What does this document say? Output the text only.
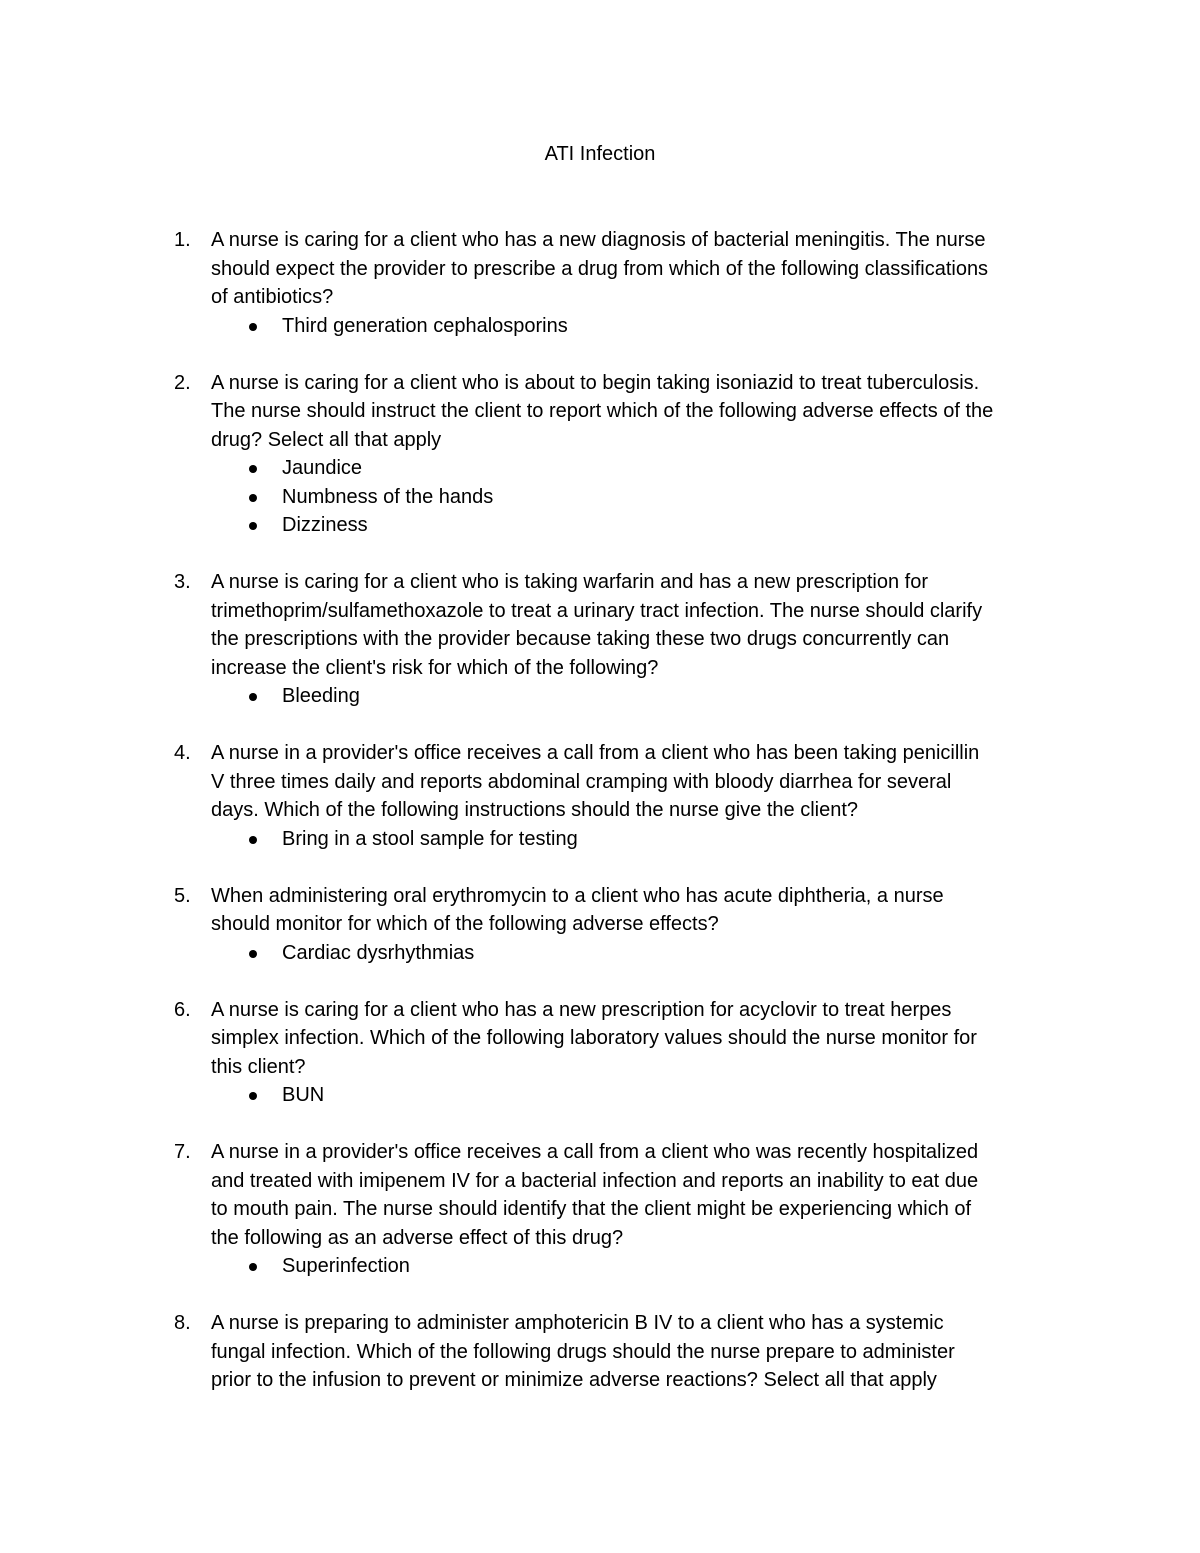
ATI Infection
1. A nurse is caring for a client who has a new diagnosis of bacterial meningitis. The nurse
should expect the provider to prescribe a drug from which of the following classifications
of antibiotics?
Third generation cephalosporins
2. A nurse is caring for a client who is about to begin taking isoniazid to treat tuberculosis.
The nurse should instruct the client to report which of the following adverse effects of the
drug? Select all that apply
Jaundice
Numbness of the hands
Dizziness
3. A nurse is caring for a client who is taking warfarin and has a new prescription for
trimethoprim/sulfamethoxazole to treat a urinary tract infection. The nurse should clarify
the prescriptions with the provider because taking these two drugs concurrently can
increase the client's risk for which of the following?
Bleeding
4. A nurse in a provider's office receives a call from a client who has been taking penicillin
V three times daily and reports abdominal cramping with bloody diarrhea for several
days. Which of the following instructions should the nurse give the client?
Bring in a stool sample for testing
5. When administering oral erythromycin to a client who has acute diphtheria, a nurse
should monitor for which of the following adverse effects?
Cardiac dysrhythmias
6. A nurse is caring for a client who has a new prescription for acyclovir to treat herpes
simplex infection. Which of the following laboratory values should the nurse monitor for
this client?
BUN
7. A nurse in a provider's office receives a call from a client who was recently hospitalized
and treated with imipenem IV for a bacterial infection and reports an inability to eat due
to mouth pain. The nurse should identify that the client might be experiencing which of
the following as an adverse effect of this drug?
Superinfection
8. A nurse is preparing to administer amphotericin B IV to a client who has a systemic
fungal infection. Which of the following drugs should the nurse prepare to administer
prior to the infusion to prevent or minimize adverse reactions? Select all that apply
